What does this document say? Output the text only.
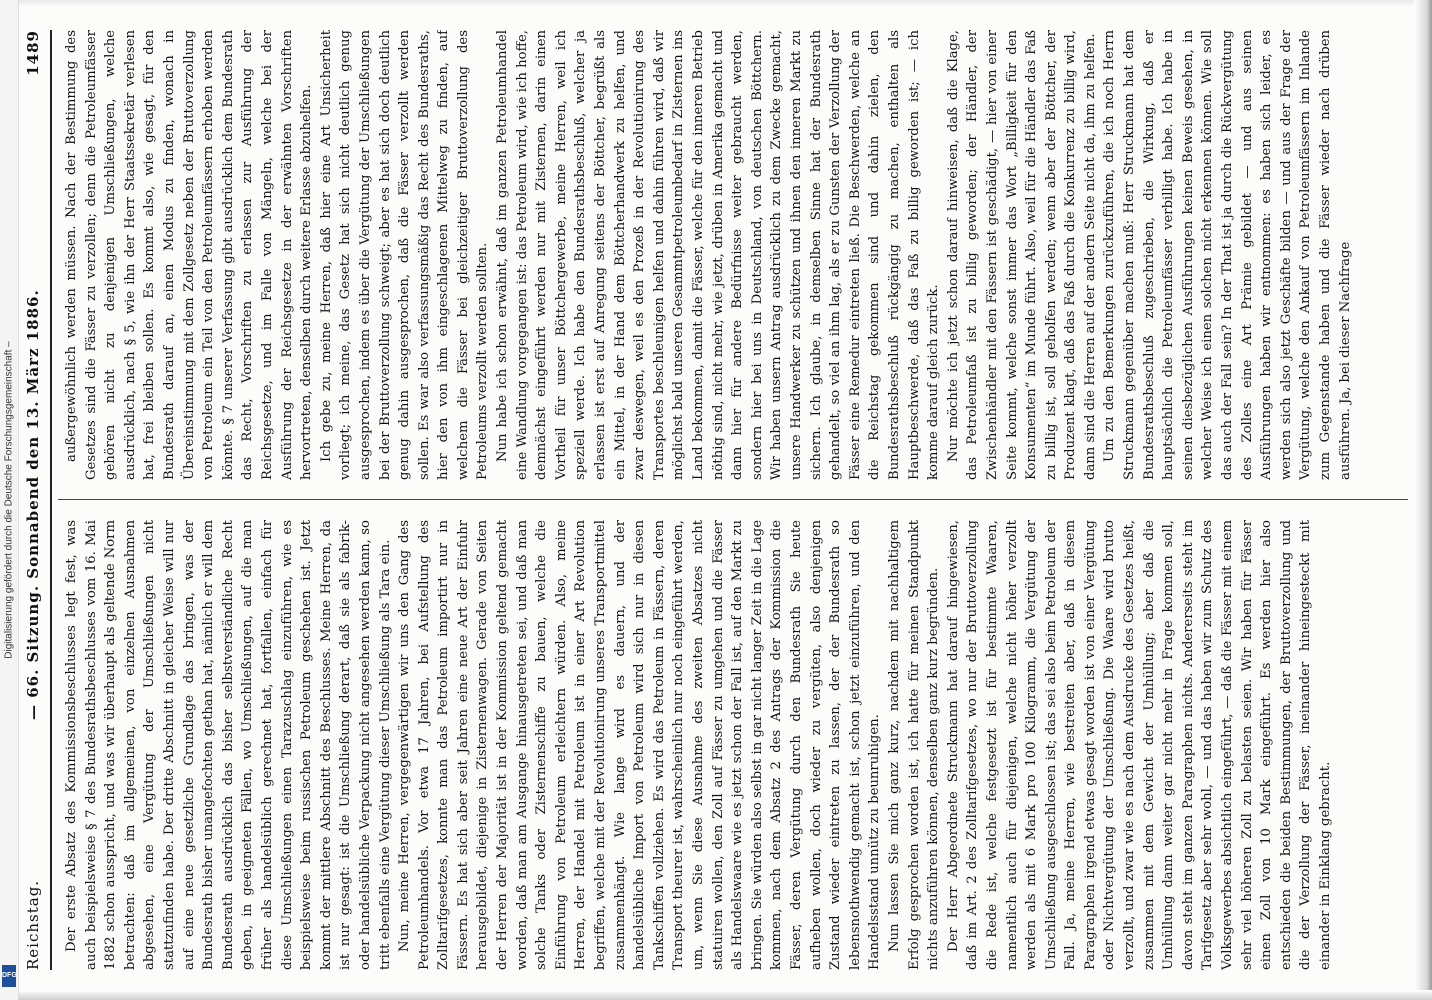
Reichstag.
— 66. Sitzung. Sonnabend den 13. März 1886.
1489

Der erste Absatz des Kommissionsbeschlusses legt fest, was auch beispielsweise § 7 des Bundesrathsbeschlusses vom 16. Mai 1882 schon ausspricht, und was wir überhaupt als geltende Norm betrachten: daß im allgemeinen, von einzelnen Ausnahmen abgesehen, eine Vergütung der Umschließungen nicht stattzufinden habe. Der dritte Abschnitt in gleicher Weise will nur auf eine neue gesetzliche Grundlage das bringen, was der Bundesrath bisher unangefochten gethan hat, nämlich er will dem Bundesrath ausdrücklich das bisher selbstverständliche Recht geben, in geeigneten Fällen, wo Umschließungen, auf die man früher als handelsüblich gerechnet hat, fortfallen, einfach für diese Umschließungen einen Tarazuschlag einzuführen, wie es beispielsweise beim russischen Petroleum geschehen ist. Jetzt kommt der mittlere Abschnitt des Beschlusses. Meine Herren, da ist nur gesagt: ist die Umschließung derart, daß sie als fabrik- oder handelsübliche Verpackung nicht angesehen werden kann, so tritt ebenfalls eine Vergütung dieser Umschließung als Tara ein. Nun, meine Herren, vergegenwärtigen wir uns den Gang des Petroleumhandels. Vor etwa 17 Jahren, bei Aufstellung des Zolltarifgesetzes, konnte man das Petroleum importirt nur in Fässern. Es hat sich aber seit Jahren eine neue Art der Einfuhr herausgebildet, diejenige in Zisternenwagen. Gerade von Seiten der Herren der Majorität ist in der Kommission geltend gemacht worden, daß man am Ausgange hinausgetreten sei, und daß man solche Tanks oder Zisternenschiffe zu bauen, welche die Einführung von Petroleum erleichtern würden. Also, meine Herren, der Handel mit Petroleum ist in einer Art Revolution begriffen, welche mit der Revolutionirung unseres Transportmittel zusammenhängt. Wie lange wird es dauern, und der handelsübliche Import von Petroleum wird sich nur in diesen Tankschiffen vollziehen. Es wird das Petroleum in Fässern, deren Transport theurer ist, wahrscheinlich nur noch eingeführt werden, um, wenn Sie diese Ausnahme des zweiten Absatzes nicht statuiren wollen, den Zoll auf Fässer zu umgehen und die Fässer als Handelswaare wie es jetzt schon der Fall ist, auf den Markt zu bringen. Sie würden also selbst in gar nicht langer Zeit in die Lage kommen, nach dem Absatz 2 des Antrags der Kommission die Fässer, deren Vergütung durch den Bundesrath Sie heute aufheben wollen, doch wieder zu vergüten, also denjenigen Zustand wieder eintreten zu lassen, der der Bundesrath so lebensnothwendig gemacht ist, schon jetzt einzuführen, und den Handelsstand unnütz zu beunruhigen. Nun lassen Sie mich ganz kurz, nachdem mit nachhaltigem Erfolg gesprochen worden ist, ich hatte für meinen Standpunkt nichts anzuführen können, denselben ganz kurz begründen. Der Herr Abgeordnete Struckmann hat darauf hingewiesen, daß im Art. 2 des Zolltarifgesetzes, wo nur der Bruttoverzollung die Rede ist, welche festgesetzt ist für bestimmte Waaren, namentlich auch für diejenigen, welche nicht höher verzollt werden als mit 6 Mark pro 100 Kilogramm, die Vergütung der Umschließung ausgeschlossen ist; das sei also beim Petroleum der Fall. Ja, meine Herren, wie bestreiten aber, daß in diesem Paragraphen irgend etwas gesagt worden ist von einer Vergütung oder Nichtvergütung der Umschließung. Die Waare wird brutto verzollt, und zwar wie es nach dem Ausdrucke des Gesetzes heißt, zusammen mit dem Gewicht der Umhüllung; aber daß die Umhüllung dann weiter gar nicht mehr in Frage kommen soll, davon steht im ganzen Paragraphen nichts. Andererseits steht im Tarifgesetz aber sehr wohl, — und das haben wir zum Schutz des Volksgewerbes absichtlich eingeführt, — daß die Fässer mit einem sehr viel höheren Zoll zu belasten seien. Wir haben für Fässer einen Zoll von 10 Mark eingeführt. Es werden hier also entschieden die beiden Bestimmungen, der Bruttoverzollung und die der Verzollung der Fässer, ineinander hineingesteckt mit einander in Einklang gebracht.

außergewöhnlich werden müssen. Nach der Bestimmung des Gesetzes sind die Fässer zu verzollen; denn die Petroleumfässer gehören nicht zu denjenigen Umschließungen, welche ausdrücklich, nach § 5, wie ihn der Herr Staatssekretär verlesen hat, frei bleiben sollen. Es kommt also, wie gesagt, für den Bundesrath darauf an, einen Modus zu finden, wonach in Übereinstimmung mit dem Zollgesetz neben der Bruttoverzollung von Petroleum ein Teil von den Petroleumfässern erhoben werden könnte. § 7 unserer Verfassung gibt ausdrücklich dem Bundesrath das Recht, Vorschriften zu erlassen zur Ausführung der Reichsgesetze, und im Falle von Mängeln, welche bei der Ausführung der Reichsgesetze in der erwähnten Vorschriften hervortreten, denselben durch weitere Erlasse abzuhelfen. Ich gebe zu, meine Herren, daß hier eine Art Unsicherheit vorliegt; ich meine, das Gesetz hat sich nicht deutlich genug ausgesprochen, indem es über die Vergütung der Umschließungen bei der Bruttoverzollung schweigt; aber es hat sich doch deutlich genug dahin ausgesprochen, daß die Fässer verzollt werden sollen. Es war also verfassungsmäßig das Recht des Bundesraths, hier den von ihm eingeschlagenen Mittelweg zu finden, auf welchem die Fässer bei gleichzeitiger Bruttoverzollung des Petroleums verzollt werden sollten. Nun habe ich schon erwähnt, daß im ganzen Petroleumhandel eine Wandlung vorgegangen ist: das Petroleum wird, wie ich hoffe, demnächst eingeführt werden nur mit Zisternen, darin einen Vortheil für unser Böttchergewerbe, meine Herren, weil ich speziell werde. Ich habe den Bundesrathsbeschluß, welcher ja erlassen ist erst auf Anregung seitens der Böttcher, begrüßt als ein Mittel, in der Hand dem Böttcherhandwerk zu helfen, und zwar deswegen, weil es den Prozeß in der Revolutionirung des Transportes beschleunigen helfen und dahin führen wird, daß wir möglichst bald unseren Gesammtpetroleumbedarf in Zisternen ins Land bekommen, damit die Fässer, welche für den inneren Betrieb nöthig sind, nicht mehr, wie jetzt, drüben in Amerika gemacht und dann hier für andere Bedürfnisse weiter gebraucht werden, sondern hier bei uns in Deutschland, von deutschen Böttchern. Wir haben unsern Antrag ausdrücklich zu dem Zwecke gemacht, unsere Handwerker zu schützen und ihnen den inneren Markt zu sichern. Ich glaube, in demselben Sinne hat der Bundesrath gehandelt, so viel an ihm lag, als er zu Gunsten der Verzollung der Fässer eine Remedur eintreten ließ. Die Beschwerden, welche an die Reichstag gekommen sind und dahin zielen, den Bundesrathsbeschluß rückgängig zu machen, enthalten als Hauptbeschwerde, daß das Faß zu billig geworden ist; — ich komme darauf gleich zurück. Nur möchte ich jetzt schon darauf hinweisen, daß die Klage, das Petroleumfaß ist zu billig geworden; der Händler, der Zwischenhändler mit den Fässern ist geschädigt, — hier von einer Seite kommt, welche sonst immer das Wort „Billigkeit für den Konsumenten“ im Munde führt. Also, weil für die Händler das Faß zu billig ist, soll geholfen werden; wenn aber der Böttcher, der Produzent klagt, daß das Faß durch die Konkurrenz zu billig wird, dann sind die Herren auf der andern Seite nicht da, ihm zu helfen. Um zu den Bemerkungen zurückzuführen, die ich noch Herrn Struckmann gegenüber machen muß: Herr Struckmann hat dem Bundesrathsbeschluß zugeschrieben, die Wirkung, daß er hauptsächlich die Petroleumfässer verbilligt habe. Ich habe in seinen diesbezüglichen Ausführungen keinen Beweis gesehen, in welcher Weise ich einen solchen nicht erkennen können. Wie soll das auch der Fall sein? In der That ist ja durch die Rückvergütung des Zolles eine Art Prämie gebildet — und aus seinen Ausführungen haben wir entnommen: es haben sich leider, es werden sich also jetzt Geschäfte bilden — und aus der Frage der Vergütung, welche den Ankauf von Petroleumfässern im Inlande zum Gegenstande haben und die Fässer wieder nach drüben ausführen. Ja, bei dieser Nachfrage

Digitalisierung gefördert durch die Deutsche Forschungsgemeinschaft –
DFG
